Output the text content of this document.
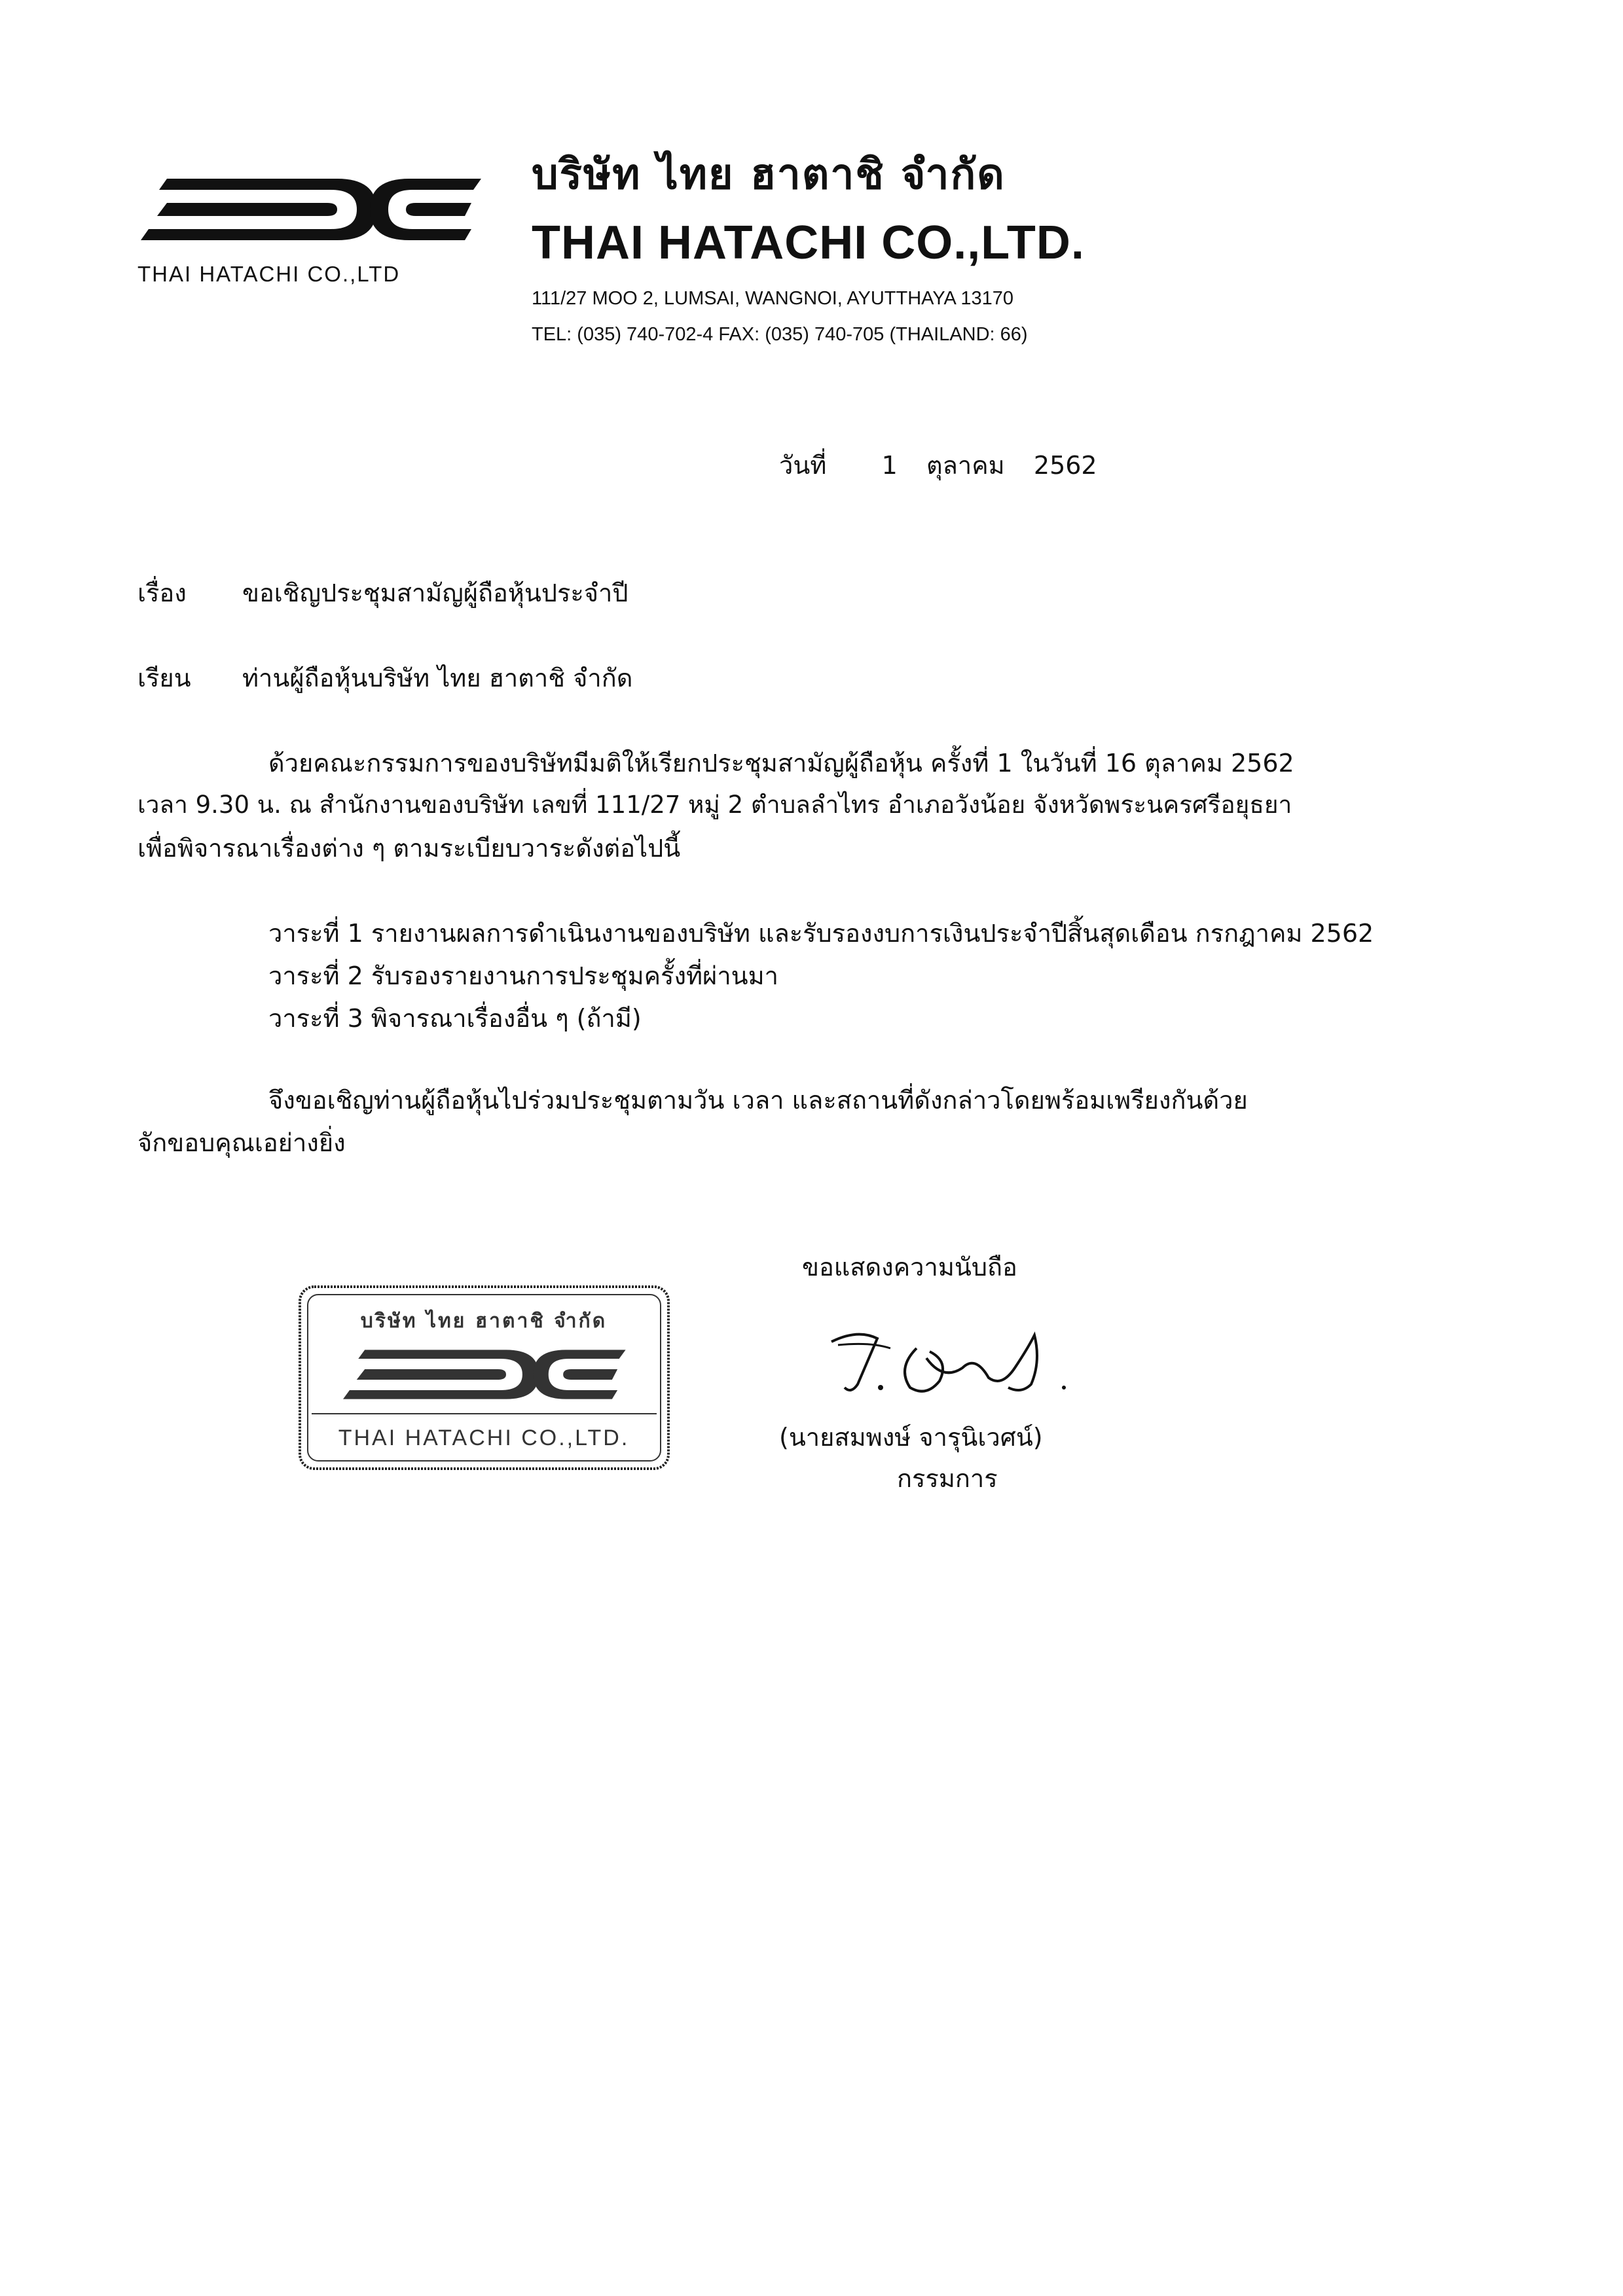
THAI HATACHI CO.,LTD
บริษัท ไทย ฮาตาชิ จำกัด
THAI HATACHI CO.,LTD.
111/27 MOO 2, LUMSAI, WANGNOI, AYUTTHAYA 13170
TEL: (035) 740-702-4 FAX: (035) 740-705 (THAILAND: 66)
วันที่ 1 ตุลาคม 2562
เรื่อง ขอเชิญประชุมสามัญผู้ถือหุ้นประจำปี
เรียน ท่านผู้ถือหุ้นบริษัท ไทย ฮาตาชิ จำกัด
ด้วยคณะกรรมการของบริษัทมีมติให้เรียกประชุมสามัญผู้ถือหุ้น ครั้งที่ 1 ในวันที่ 16 ตุลาคม 2562
เวลา 9.30 น. ณ สำนักงานของบริษัท เลขที่ 111/27 หมู่ 2 ตำบลลำไทร อำเภอวังน้อย จังหวัดพระนครศรีอยุธยา
เพื่อพิจารณาเรื่องต่าง ๆ ตามระเบียบวาระดังต่อไปนี้
วาระที่ 1 รายงานผลการดำเนินงานของบริษัท และรับรองงบการเงินประจำปีสิ้นสุดเดือน กรกฎาคม 2562
วาระที่ 2 รับรองรายงานการประชุมครั้งที่ผ่านมา
วาระที่ 3 พิจารณาเรื่องอื่น ๆ (ถ้ามี)
จึงขอเชิญท่านผู้ถือหุ้นไปร่วมประชุมตามวัน เวลา และสถานที่ดังกล่าวโดยพร้อมเพรียงกันด้วย
จักขอบคุณเอย่างยิ่ง
ขอแสดงความนับถือ
(นายสมพงษ์ จารุนิเวศน์)
กรรมการ
บริษัท ไทย ฮาตาชิ จำกัด
THAI HATACHI CO.,LTD.
